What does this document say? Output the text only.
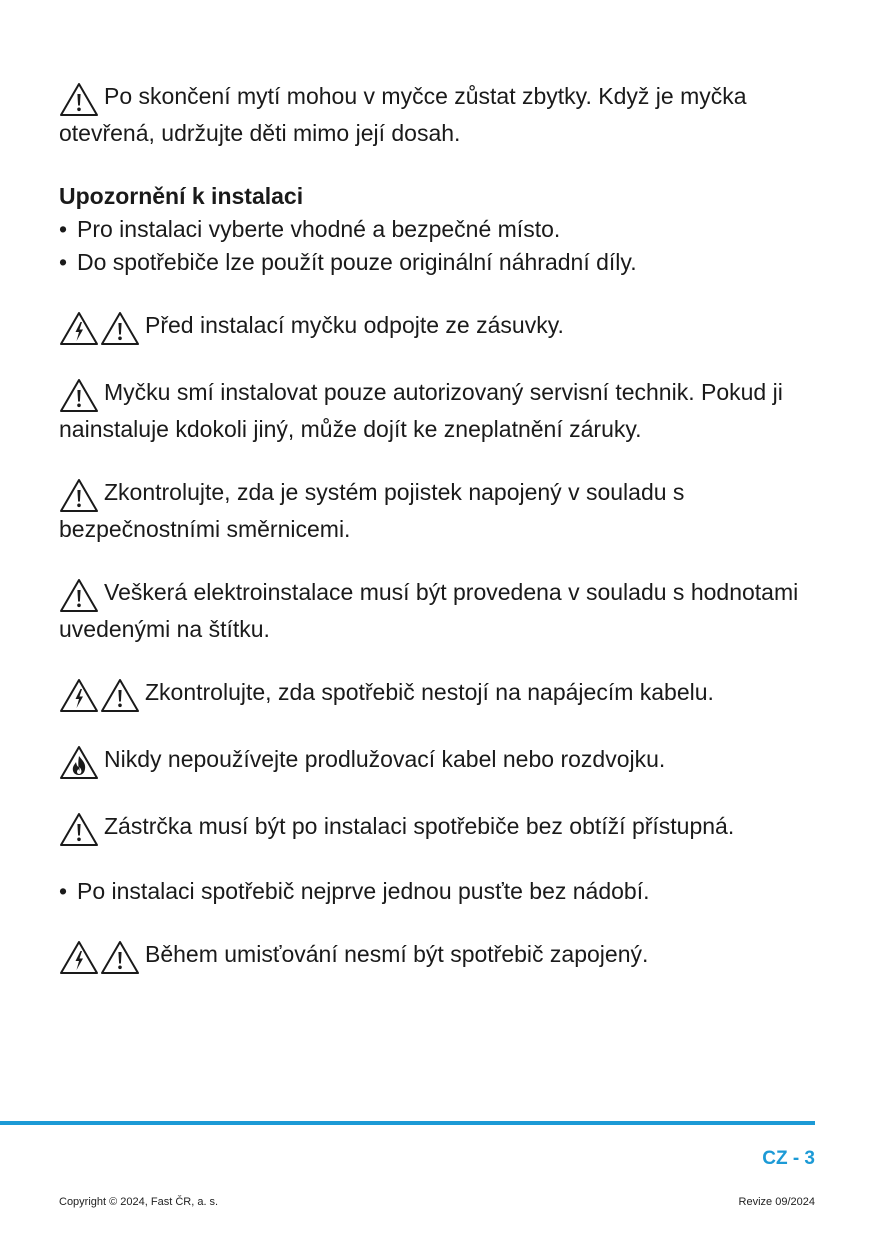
Po skončení mytí mohou v myčce zůstat zbytky. Když je myčka otevřená, udržujte děti mimo její dosah.

Upozornění k instalaci

• Pro instalaci vyberte vhodné a bezpečné místo.
• Do spotřebiče lze použít pouze originální náhradní díly.

Před instalací myčku odpojte ze zásuvky.

Myčku smí instalovat pouze autorizovaný servisní technik. Pokud ji nainstaluje kdokoli jiný, může dojít ke zneplatnění záruky.

Zkontrolujte, zda je systém pojistek napojený v souladu s bezpečnostními směrnicemi.

Veškerá elektroinstalace musí být provedena v souladu s hodnotami uvedenými na štítku.

Zkontrolujte, zda spotřebič nestojí na napájecím kabelu.

Nikdy nepoužívejte prodlužovací kabel nebo rozdvojku.

Zástrčka musí být po instalaci spotřebiče bez obtíží přístupná.

• Po instalaci spotřebič nejprve jednou pusťte bez nádobí.

Během umisťování nesmí být spotřebič zapojený.

CZ - 3
Copyright © 2024, Fast ČR, a. s.	Revize 09/2024
